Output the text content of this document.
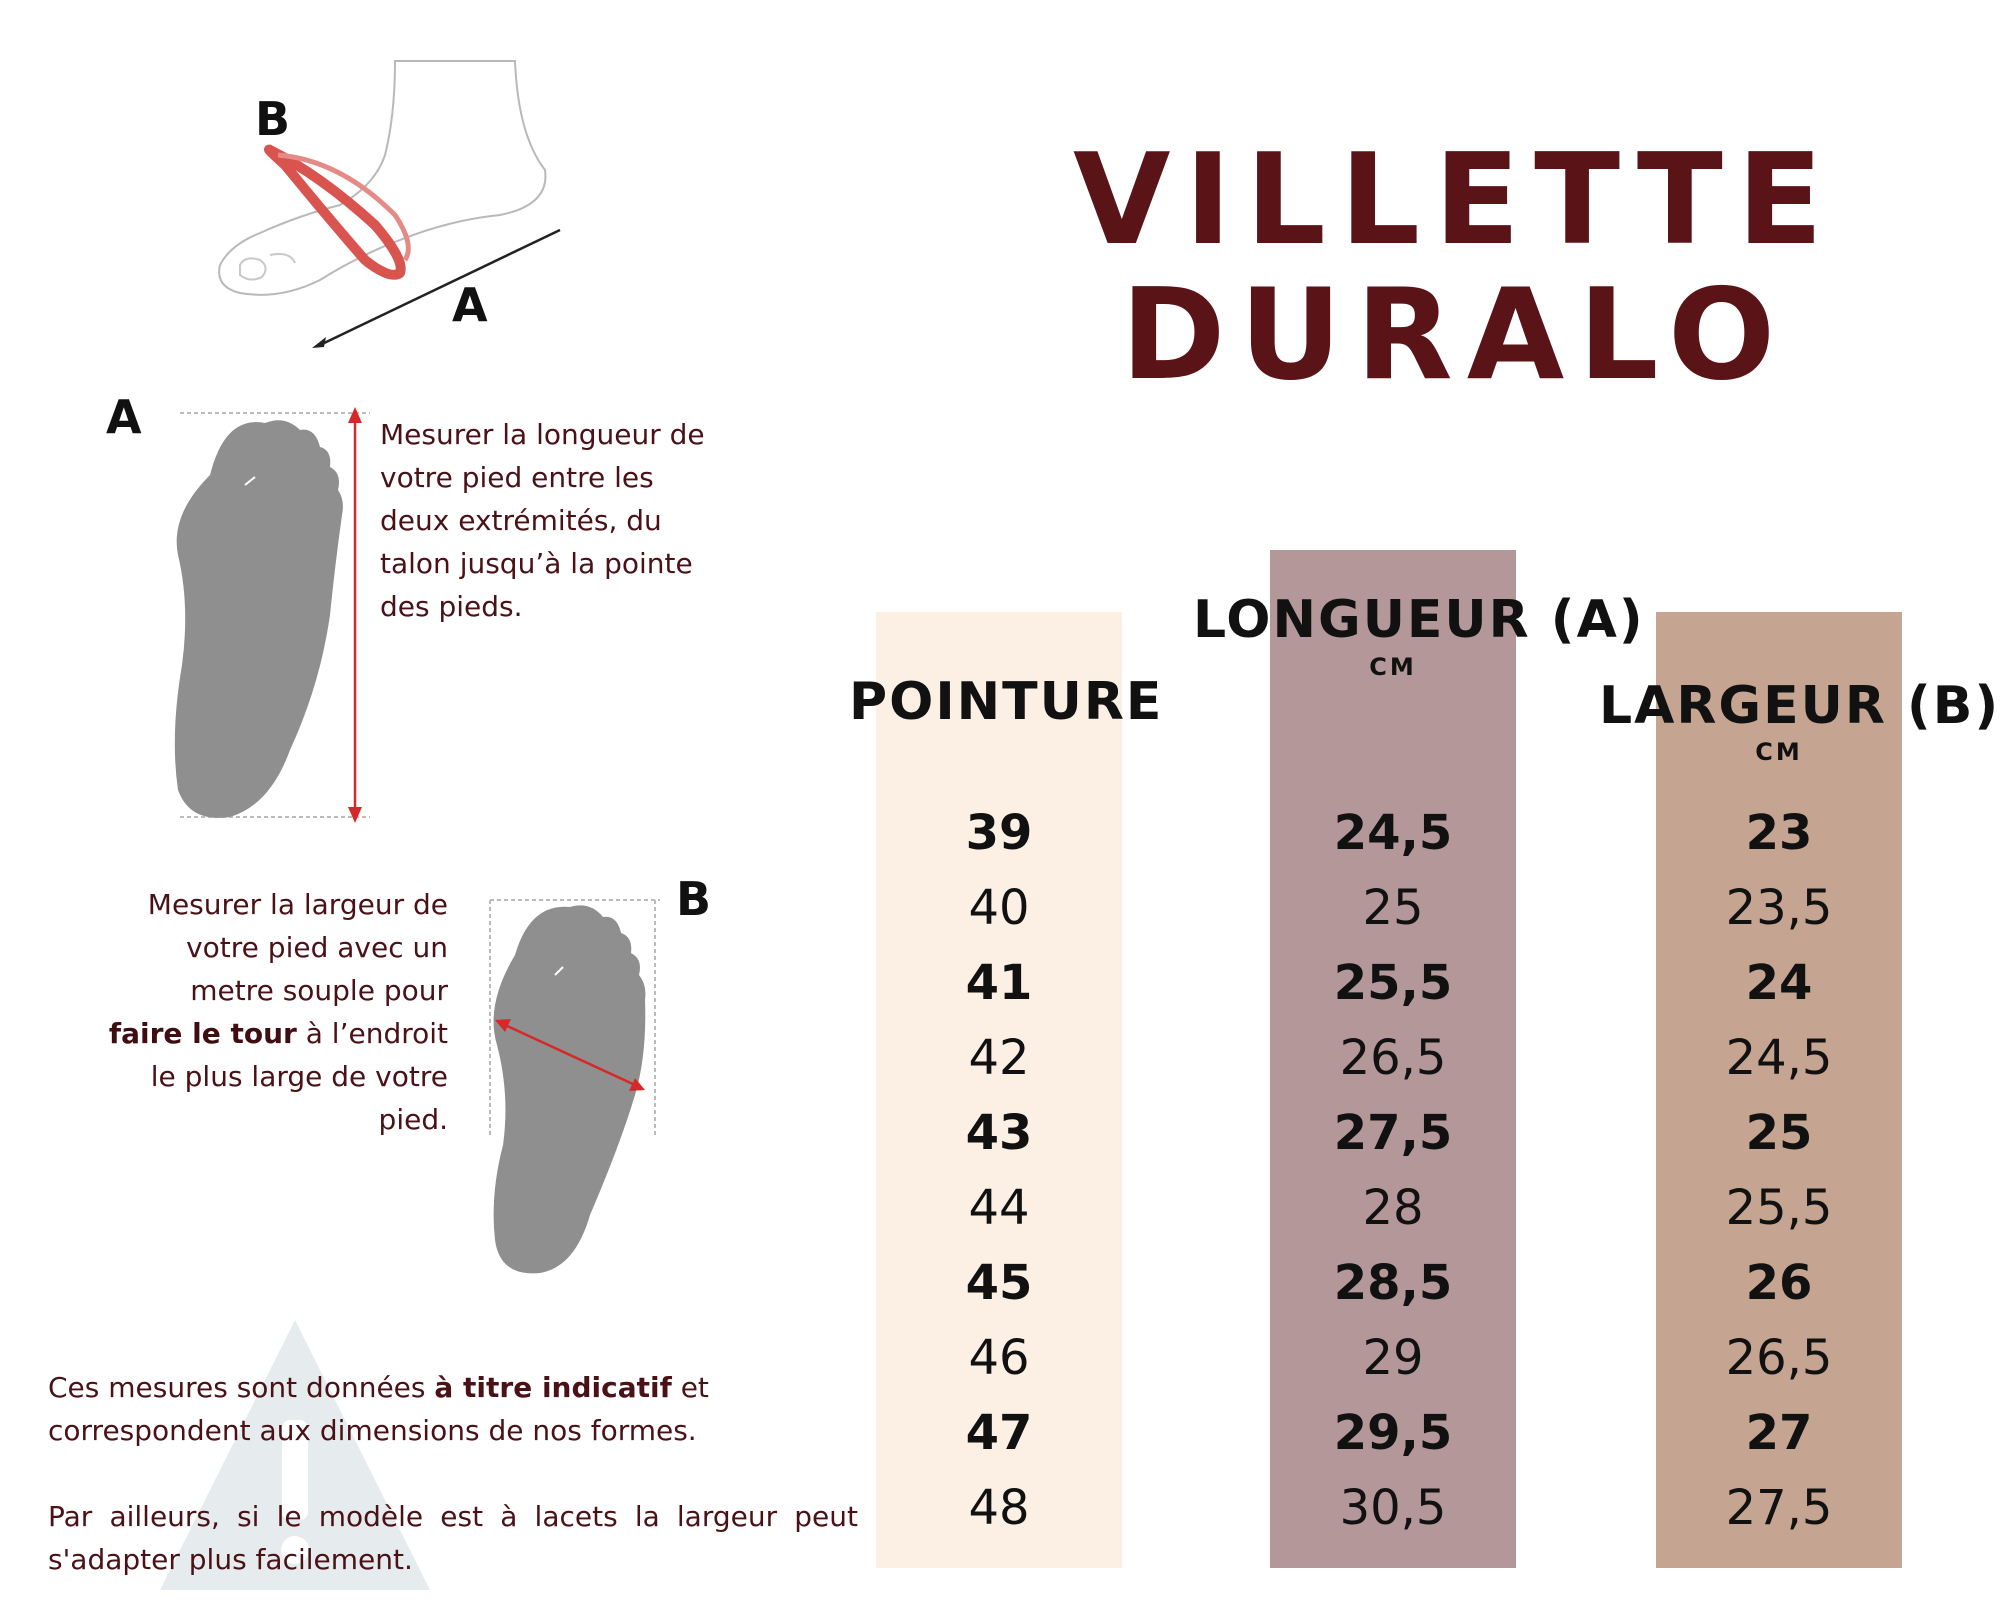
VILLETTE
DURALO
B
A
A	Mesurer la longueur de
votre pied entre les
deux extrémités, du
talon jusqu’à la pointe
des pieds.
Mesurer la largeur de
votre pied avec un
metre souple pour
faire le tour à l’endroit
le plus large de votre
pied.
B
Ces mesures sont données à titre indicatif et
correspondent aux dimensions de nos formes.
Par ailleurs, si le modèle est à lacets la largeur peut
s'adapter plus facilement.
POINTURE
LONGUEUR (A)
CM
LARGEUR (B)
CM
39	24,5	23
40	25	23,5
41	25,5	24
42	26,5	24,5
43	27,5	25
44	28	25,5
45	28,5	26
46	29	26,5
47	29,5	27
48	30,5	27,5
